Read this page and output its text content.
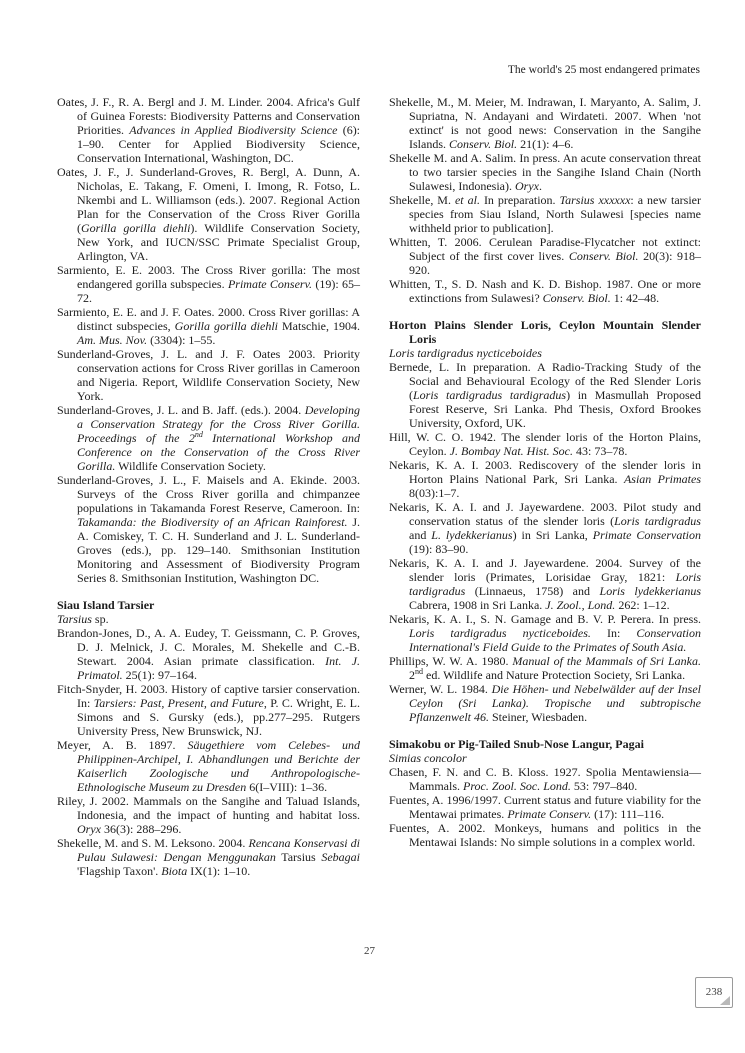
The world's 25 most endangered primates

Oates, J. F., R. A. Bergl and J. M. Linder. 2004. Africa's Gulf of Guinea Forests: Biodiversity Patterns and Conservation Priorities. Advances in Applied Biodiversity Science (6): 1–90. Center for Applied Biodiversity Science, Conservation International, Washington, DC.

Oates, J. F., J. Sunderland-Groves, R. Bergl, A. Dunn, A. Nicholas, E. Takang, F. Omeni, I. Imong, R. Fotso, L. Nkembi and L. Williamson (eds.). 2007. Regional Action Plan for the Conservation of the Cross River Gorilla (Gorilla gorilla diehli). Wildlife Conservation Society, New York, and IUCN/SSC Primate Specialist Group, Arlington, VA.

Sarmiento, E. E. 2003. The Cross River gorilla: The most endangered gorilla subspecies. Primate Conserv. (19): 65–72.

Sarmiento, E. E. and J. F. Oates. 2000. Cross River gorillas: A distinct subspecies, Gorilla gorilla diehli Matschie, 1904. Am. Mus. Nov. (3304): 1–55.

Sunderland-Groves, J. L. and J. F. Oates 2003. Priority conservation actions for Cross River gorillas in Cameroon and Nigeria. Report, Wildlife Conservation Society, New York.

Sunderland-Groves, J. L. and B. Jaff. (eds.). 2004. Developing a Conservation Strategy for the Cross River Gorilla. Proceedings of the 2nd International Workshop and Conference on the Conservation of the Cross River Gorilla. Wildlife Conservation Society.

Sunderland-Groves, J. L., F. Maisels and A. Ekinde. 2003. Surveys of the Cross River gorilla and chimpanzee populations in Takamanda Forest Reserve, Cameroon. In: Takamanda: the Biodiversity of an African Rainforest. J. A. Comiskey, T. C. H. Sunderland and J. L. Sunderland-Groves (eds.), pp. 129–140. Smithsonian Institution Monitoring and Assessment of Biodiversity Program Series 8. Smithsonian Institution, Washington DC.

Siau Island Tarsier

Tarsius sp.

Brandon-Jones, D., A. A. Eudey, T. Geissmann, C. P. Groves, D. J. Melnick, J. C. Morales, M. Shekelle and C.-B. Stewart. 2004. Asian primate classification. Int. J. Primatol. 25(1): 97–164.

Fitch-Snyder, H. 2003. History of captive tarsier conservation. In: Tarsiers: Past, Present, and Future, P. C. Wright, E. L. Simons and S. Gursky (eds.), pp.277–295. Rutgers University Press, New Brunswick, NJ.

Meyer, A. B. 1897. Säugethiere vom Celebes- und Philippinen-Archipel, I. Abhandlungen und Berichte der Kaiserlich Zoologische und Anthropologische-Ethnologische Museum zu Dresden 6(I–VIII): 1–36.

Riley, J. 2002. Mammals on the Sangihe and Taluad Islands, Indonesia, and the impact of hunting and habitat loss. Oryx 36(3): 288–296.

Shekelle, M. and S. M. Leksono. 2004. Rencana Konservasi di Pulau Sulawesi: Dengan Menggunakan Tarsius Sebagai 'Flagship Taxon'. Biota IX(1): 1–10.

Shekelle, M., M. Meier, M. Indrawan, I. Maryanto, A. Salim, J. Supriatna, N. Andayani and Wirdateti. 2007. When 'not extinct' is not good news: Conservation in the Sangihe Islands. Conserv. Biol. 21(1): 4–6.

Shekelle M. and A. Salim. In press. An acute conservation threat to two tarsier species in the Sangihe Island Chain (North Sulawesi, Indonesia). Oryx.

Shekelle, M. et al. In preparation. Tarsius xxxxxx: a new tarsier species from Siau Island, North Sulawesi [species name withheld prior to publication].

Whitten, T. 2006. Cerulean Paradise-Flycatcher not extinct: Subject of the first cover lives. Conserv. Biol. 20(3): 918–920.

Whitten, T., S. D. Nash and K. D. Bishop. 1987. One or more extinctions from Sulawesi? Conserv. Biol. 1: 42–48.

Horton Plains Slender Loris, Ceylon Mountain Slender Loris

Loris tardigradus nycticeboides

Bernede, L. In preparation. A Radio-Tracking Study of the Social and Behavioural Ecology of the Red Slender Loris (Loris tardigradus tardigradus) in Masmullah Proposed Forest Reserve, Sri Lanka. Phd Thesis, Oxford Brookes University, Oxford, UK.

Hill, W. C. O. 1942. The slender loris of the Horton Plains, Ceylon. J. Bombay Nat. Hist. Soc. 43: 73–78.

Nekaris, K. A. I. 2003. Rediscovery of the slender loris in Horton Plains National Park, Sri Lanka. Asian Primates 8(03):1–7.

Nekaris, K. A. I. and J. Jayewardene. 2003. Pilot study and conservation status of the slender loris (Loris tardigradus and L. lydekkerianus) in Sri Lanka, Primate Conservation (19): 83–90.

Nekaris, K. A. I. and J. Jayewardene. 2004. Survey of the slender loris (Primates, Lorisidae Gray, 1821: Loris tardigradus (Linnaeus, 1758) and Loris lydekkerianus Cabrera, 1908 in Sri Lanka. J. Zool., Lond. 262: 1–12.

Nekaris, K. A. I., S. N. Gamage and B. V. P. Perera. In press. Loris tardigradus nycticeboides. In: Conservation International's Field Guide to the Primates of South Asia.

Phillips, W. W. A. 1980. Manual of the Mammals of Sri Lanka. 2nd ed. Wildlife and Nature Protection Society, Sri Lanka.

Werner, W. L. 1984. Die Höhen- und Nebelwälder auf der Insel Ceylon (Sri Lanka). Tropische und subtropische Pflanzenwelt 46. Steiner, Wiesbaden.

Simakobu or Pig-Tailed Snub-Nose Langur, Pagai

Simias concolor

Chasen, F. N. and C. B. Kloss. 1927. Spolia Mentawiensia—Mammals. Proc. Zool. Soc. Lond. 53: 797–840.

Fuentes, A. 1996/1997. Current status and future viability for the Mentawai primates. Primate Conserv. (17): 111–116.

Fuentes, A. 2002. Monkeys, humans and politics in the Mentawai Islands: No simple solutions in a complex world.

27
238
